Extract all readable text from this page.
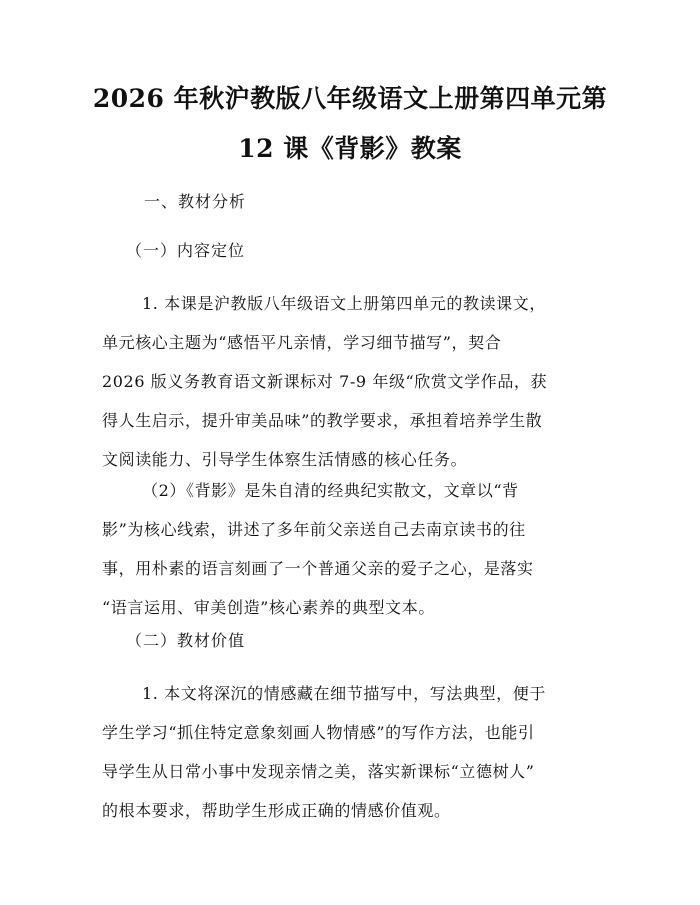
2026 年秋沪教版八年级语文上册第四单元第
12 课《背影》教案
一、教材分析
（一）内容定位
1. 本课是沪教版八年级语文上册第四单元的教读课文，
单元核心主题为“感悟平凡亲情，学习细节描写”，契合
2026 版义务教育语文新课标对 7-9 年级“欣赏文学作品，获
得人生启示，提升审美品味”的教学要求，承担着培养学生散
文阅读能力、引导学生体察生活情感的核心任务。
（2）《背影》是朱自清的经典纪实散文，文章以“背
影”为核心线索，讲述了多年前父亲送自己去南京读书的往
事，用朴素的语言刻画了一个普通父亲的爱子之心，是落实
“语言运用、审美创造”核心素养的典型文本。
（二）教材价值
1. 本文将深沉的情感藏在细节描写中，写法典型，便于
学生学习“抓住特定意象刻画人物情感”的写作方法，也能引
导学生从日常小事中发现亲情之美，落实新课标“立德树人”
的根本要求，帮助学生形成正确的情感价值观。
